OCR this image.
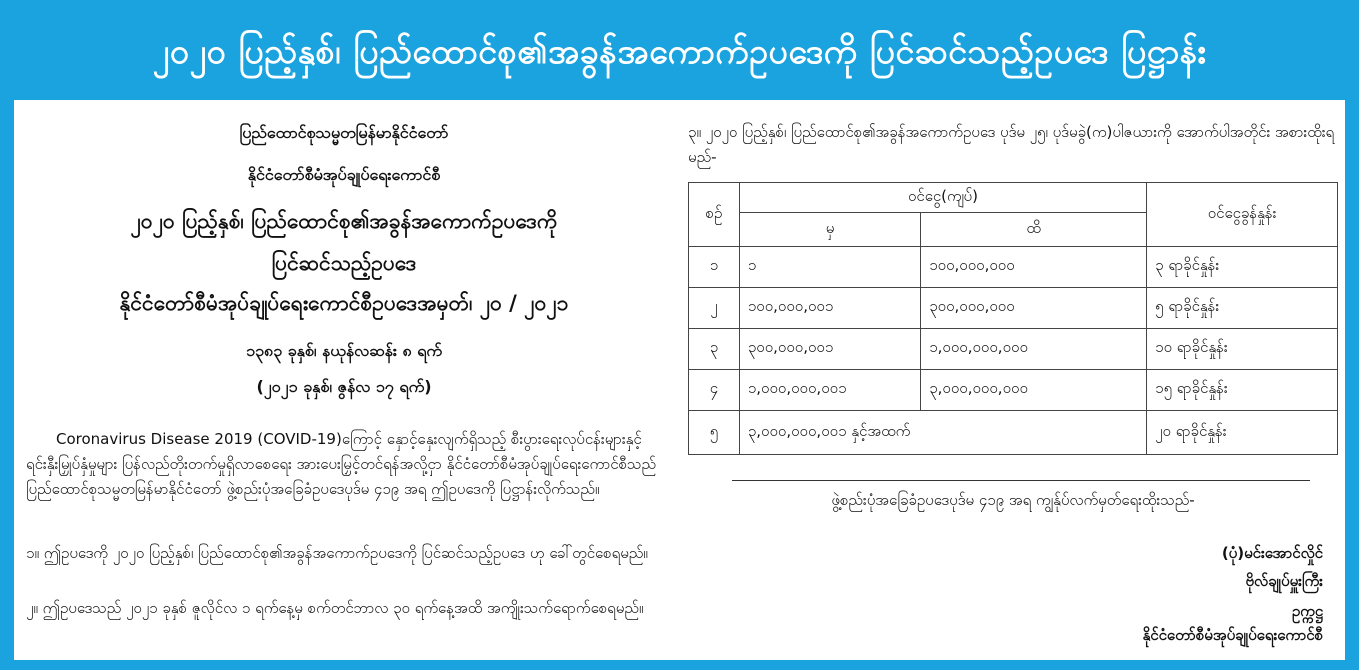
၂၀၂၀ ပြည့်နှစ်၊ ပြည်ထောင်စု၏အခွန်အကောက်ဥပဒေကို ပြင်ဆင်သည့်ဥပဒေ ပြဋ္ဌာန်း
ပြည်ထောင်စုသမ္မတမြန်မာနိုင်ငံတော်
နိုင်ငံတော်စီမံအုပ်ချုပ်ရေးကောင်စီ
၂၀၂၀ ပြည့်နှစ်၊ ပြည်ထောင်စု၏အခွန်အကောက်ဥပဒေကို
ပြင်ဆင်သည့်ဥပဒေ
နိုင်ငံတော်စီမံအုပ်ချုပ်ရေးကောင်စီဥပဒေအမှတ်၊ ၂၀ / ၂၀၂၁
၁၃၈၃ ခုနှစ်၊ နယုန်လဆန်း ၈ ရက်
(၂၀၂၁ ခုနှစ်၊ ဇွန်လ ၁၇ ရက်)
Coronavirus Disease 2019 (COVID-19)ကြောင့် နှောင့်နှေးလျက်ရှိသည့် စီးပွားရေးလုပ်ငန်းများနှင့် ရင်းနှီးမြှုပ်နှံမှုများ ပြန်လည်တိုးတက်မှုရှိလာစေရေး အားပေးမြှင့်တင်ရန်အလို့ငှာ နိုင်ငံတော်စီမံအုပ်ချုပ်ရေးကောင်စီသည် ပြည်ထောင်စုသမ္မတမြန်မာနိုင်ငံတော် ဖွဲ့စည်းပုံအခြေခံဥပဒေပုဒ်မ ၄၁၉ အရ ဤဥပဒေကို ပြဋ္ဌာန်းလိုက်သည်။
၁။ ဤဥပဒေကို ၂၀၂၀ ပြည့်နှစ်၊ ပြည်ထောင်စု၏အခွန်အကောက်ဥပဒေကို ပြင်ဆင်သည့်ဥပဒေ ဟု ခေါ်တွင်စေရမည်။
၂။ ဤဥပဒေသည် ၂၀၂၁ ခုနှစ် ဇူလိုင်လ ၁ ရက်နေ့မှ စက်တင်ဘာလ ၃၀ ရက်နေ့အထိ အကျိုးသက်ရောက်စေရမည်။
၃။ ၂၀၂၀ ပြည့်နှစ်၊ ပြည်ထောင်စု၏အခွန်အကောက်ဥပဒေ ပုဒ်မ ၂၅၊ ပုဒ်မခွဲ(က)ပါဇယားကို အောက်ပါအတိုင်း အစားထိုးရမည်-
စဉ်	ဝင်ငွေ(ကျပ်)		ဝင်ငွေခွန်နှုန်း
	မှ	ထိ	
၁	၁	၁၀၀,၀၀၀,၀၀၀	၃ ရာခိုင်နှုန်း
၂	၁၀၀,၀၀၀,၀၀၁	၃၀၀,၀၀၀,၀၀၀	၅ ရာခိုင်နှုန်း
၃	၃၀၀,၀၀၀,၀၀၁	၁,၀၀၀,၀၀၀,၀၀၀	၁၀ ရာခိုင်နှုန်း
၄	၁,၀၀၀,၀၀၀,၀၀၁	၃,၀၀၀,၀၀၀,၀၀၀	၁၅ ရာခိုင်နှုန်း
၅	၃,၀၀၀,၀၀၀,၀၀၁ နှင့်အထက်		၂၀ ရာခိုင်နှုန်း
ဖွဲ့စည်းပုံအခြေခံဥပဒေပုဒ်မ ၄၁၉ အရ ကျွန်ုပ်လက်မှတ်ရေးထိုးသည်-
(ပုံ)မင်းအောင်လှိုင်
ဗိုလ်ချုပ်မှူးကြီး
ဥက္ကဋ္ဌ
နိုင်ငံတော်စီမံအုပ်ချုပ်ရေးကောင်စီ
